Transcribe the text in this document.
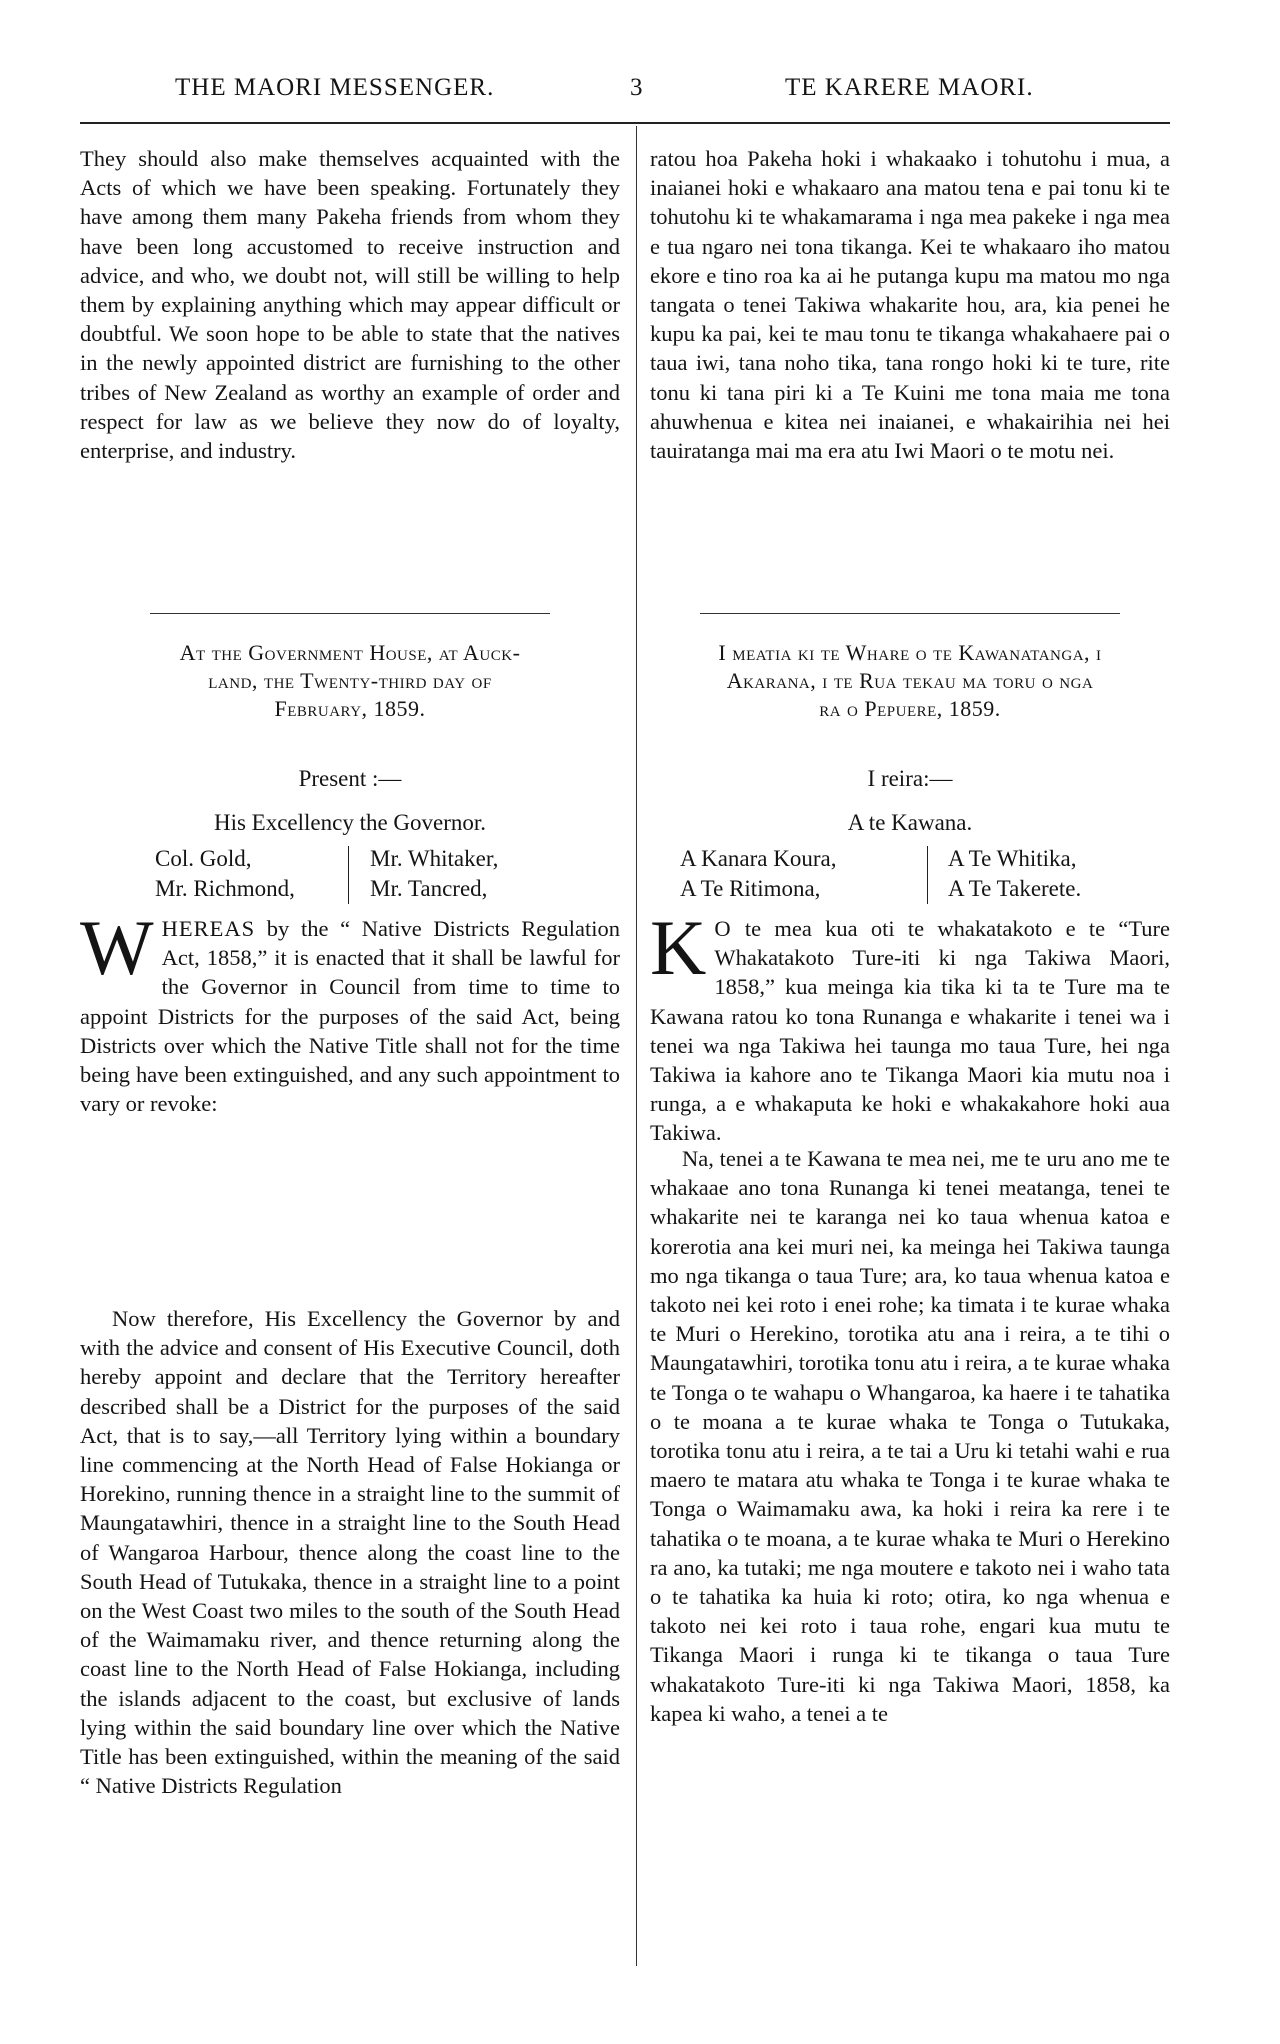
THE MAORI MESSENGER.	3	TE KARERE MAORI.

They should also make themselves acquainted with the Acts of which we have been speaking. Fortunately they have among them many Pakeha friends from whom they have been long accustomed to receive instruction and advice, and who, we doubt not, will still be willing to help them by explaining anything which may appear difficult or doubtful. We soon hope to be able to state that the natives in the newly appointed district are furnishing to the other tribes of New Zealand as worthy an example of order and respect for law as we believe they now do of loyalty, enterprise, and industry.

At the Government House, at Auck-
land, the Twenty-third day of
February, 1859.
Present :—
His Excellency the Governor.
Col. Gold,
Mr. Richmond,
Mr. Whitaker,
Mr. Tancred,

WHEREAS by the “ Native Districts Regulation Act, 1858,” it is enacted that it shall be lawful for the Governor in Council from time to time to appoint Districts for the purposes of the said Act, being Districts over which the Native Title shall not for the time being have been extinguished, and any such appointment to vary or revoke:

Now therefore, His Excellency the Governor by and with the advice and consent of His Executive Council, doth hereby appoint and declare that the Territory hereafter described shall be a District for the purposes of the said Act, that is to say,—all Territory lying within a boundary line commencing at the North Head of False Hokianga or Horekino, running thence in a straight line to the summit of Maungatawhiri, thence in a straight line to the South Head of Wangaroa Harbour, thence along the coast line to the South Head of Tutukaka, thence in a straight line to a point on the West Coast two miles to the south of the South Head of the Waimamaku river, and thence returning along the coast line to the North Head of False Hokianga, including the islands adjacent to the coast, but exclusive of lands lying within the said boundary line over which the Native Title has been extinguished, within the meaning of the said “ Native Districts Regulation

ratou hoa Pakeha hoki i whakaako i tohutohu i mua, a inaianei hoki e whakaaro ana matou tena e pai tonu ki te tohutohu ki te whakamarama i nga mea pakeke i nga mea e tua ngaro nei tona tikanga. Kei te whakaaro iho matou ekore e tino roa ka ai he putanga kupu ma matou mo nga tangata o tenei Takiwa whakarite hou, ara, kia penei he kupu ka pai, kei te mau tonu te tikanga whakahaere pai o taua iwi, tana noho tika, tana rongo hoki ki te ture, rite tonu ki tana piri ki a Te Kuini me tona maia me tona ahuwhenua e kitea nei inaianei, e whakairihia nei hei tauiratanga mai ma era atu Iwi Maori o te motu nei.

I meatia ki te Whare o te Kawanatanga, i
Akarana, i te Rua tekau ma toru o nga
ra o Pepuere, 1859.
I reira:—
A te Kawana.
A Kanara Koura,
A Te Ritimona,
A Te Whitika,
A Te Takerete.

K O te mea kua oti te whakatakoto e te “Ture Whakatakoto Ture-iti ki nga Takiwa Maori, 1858,” kua meinga kia tika ki ta te Ture ma te Kawana ratou ko tona Runanga e whakarite i tenei wa i tenei wa nga Takiwa hei taunga mo taua Ture, hei nga Takiwa ia kahore ano te Tikanga Maori kia mutu noa i runga, a e whakaputa ke hoki e whakakahore hoki aua Takiwa.

Na, tenei a te Kawana te mea nei, me te uru ano me te whakaae ano tona Runanga ki tenei meatanga, tenei te whakarite nei te karanga nei ko taua whenua katoa e korerotia ana kei muri nei, ka meinga hei Takiwa taunga mo nga tikanga o taua Ture; ara, ko taua whenua katoa e takoto nei kei roto i enei rohe; ka timata i te kurae whaka te Muri o Herekino, torotika atu ana i reira, a te tihi o Maungatawhiri, torotika tonu atu i reira, a te kurae whaka te Tonga o te wahapu o Whangaroa, ka haere i te tahatika o te moana a te kurae whaka te Tonga o Tutukaka, torotika tonu atu i reira, a te tai a Uru ki tetahi wahi e rua maero te matara atu whaka te Tonga i te kurae whaka te Tonga o Waimamaku awa, ka hoki i reira ka rere i te tahatika o te moana, a te kurae whaka te Muri o Herekino ra ano, ka tutaki; me nga moutere e takoto nei i waho tata o te tahatika ka huia ki roto; otira, ko nga whenua e takoto nei kei roto i taua rohe, engari kua mutu te Tikanga Maori i runga ki te tikanga o taua Ture whakatakoto Ture-iti ki nga Takiwa Maori, 1858, ka kapea ki waho, a tenei a te
